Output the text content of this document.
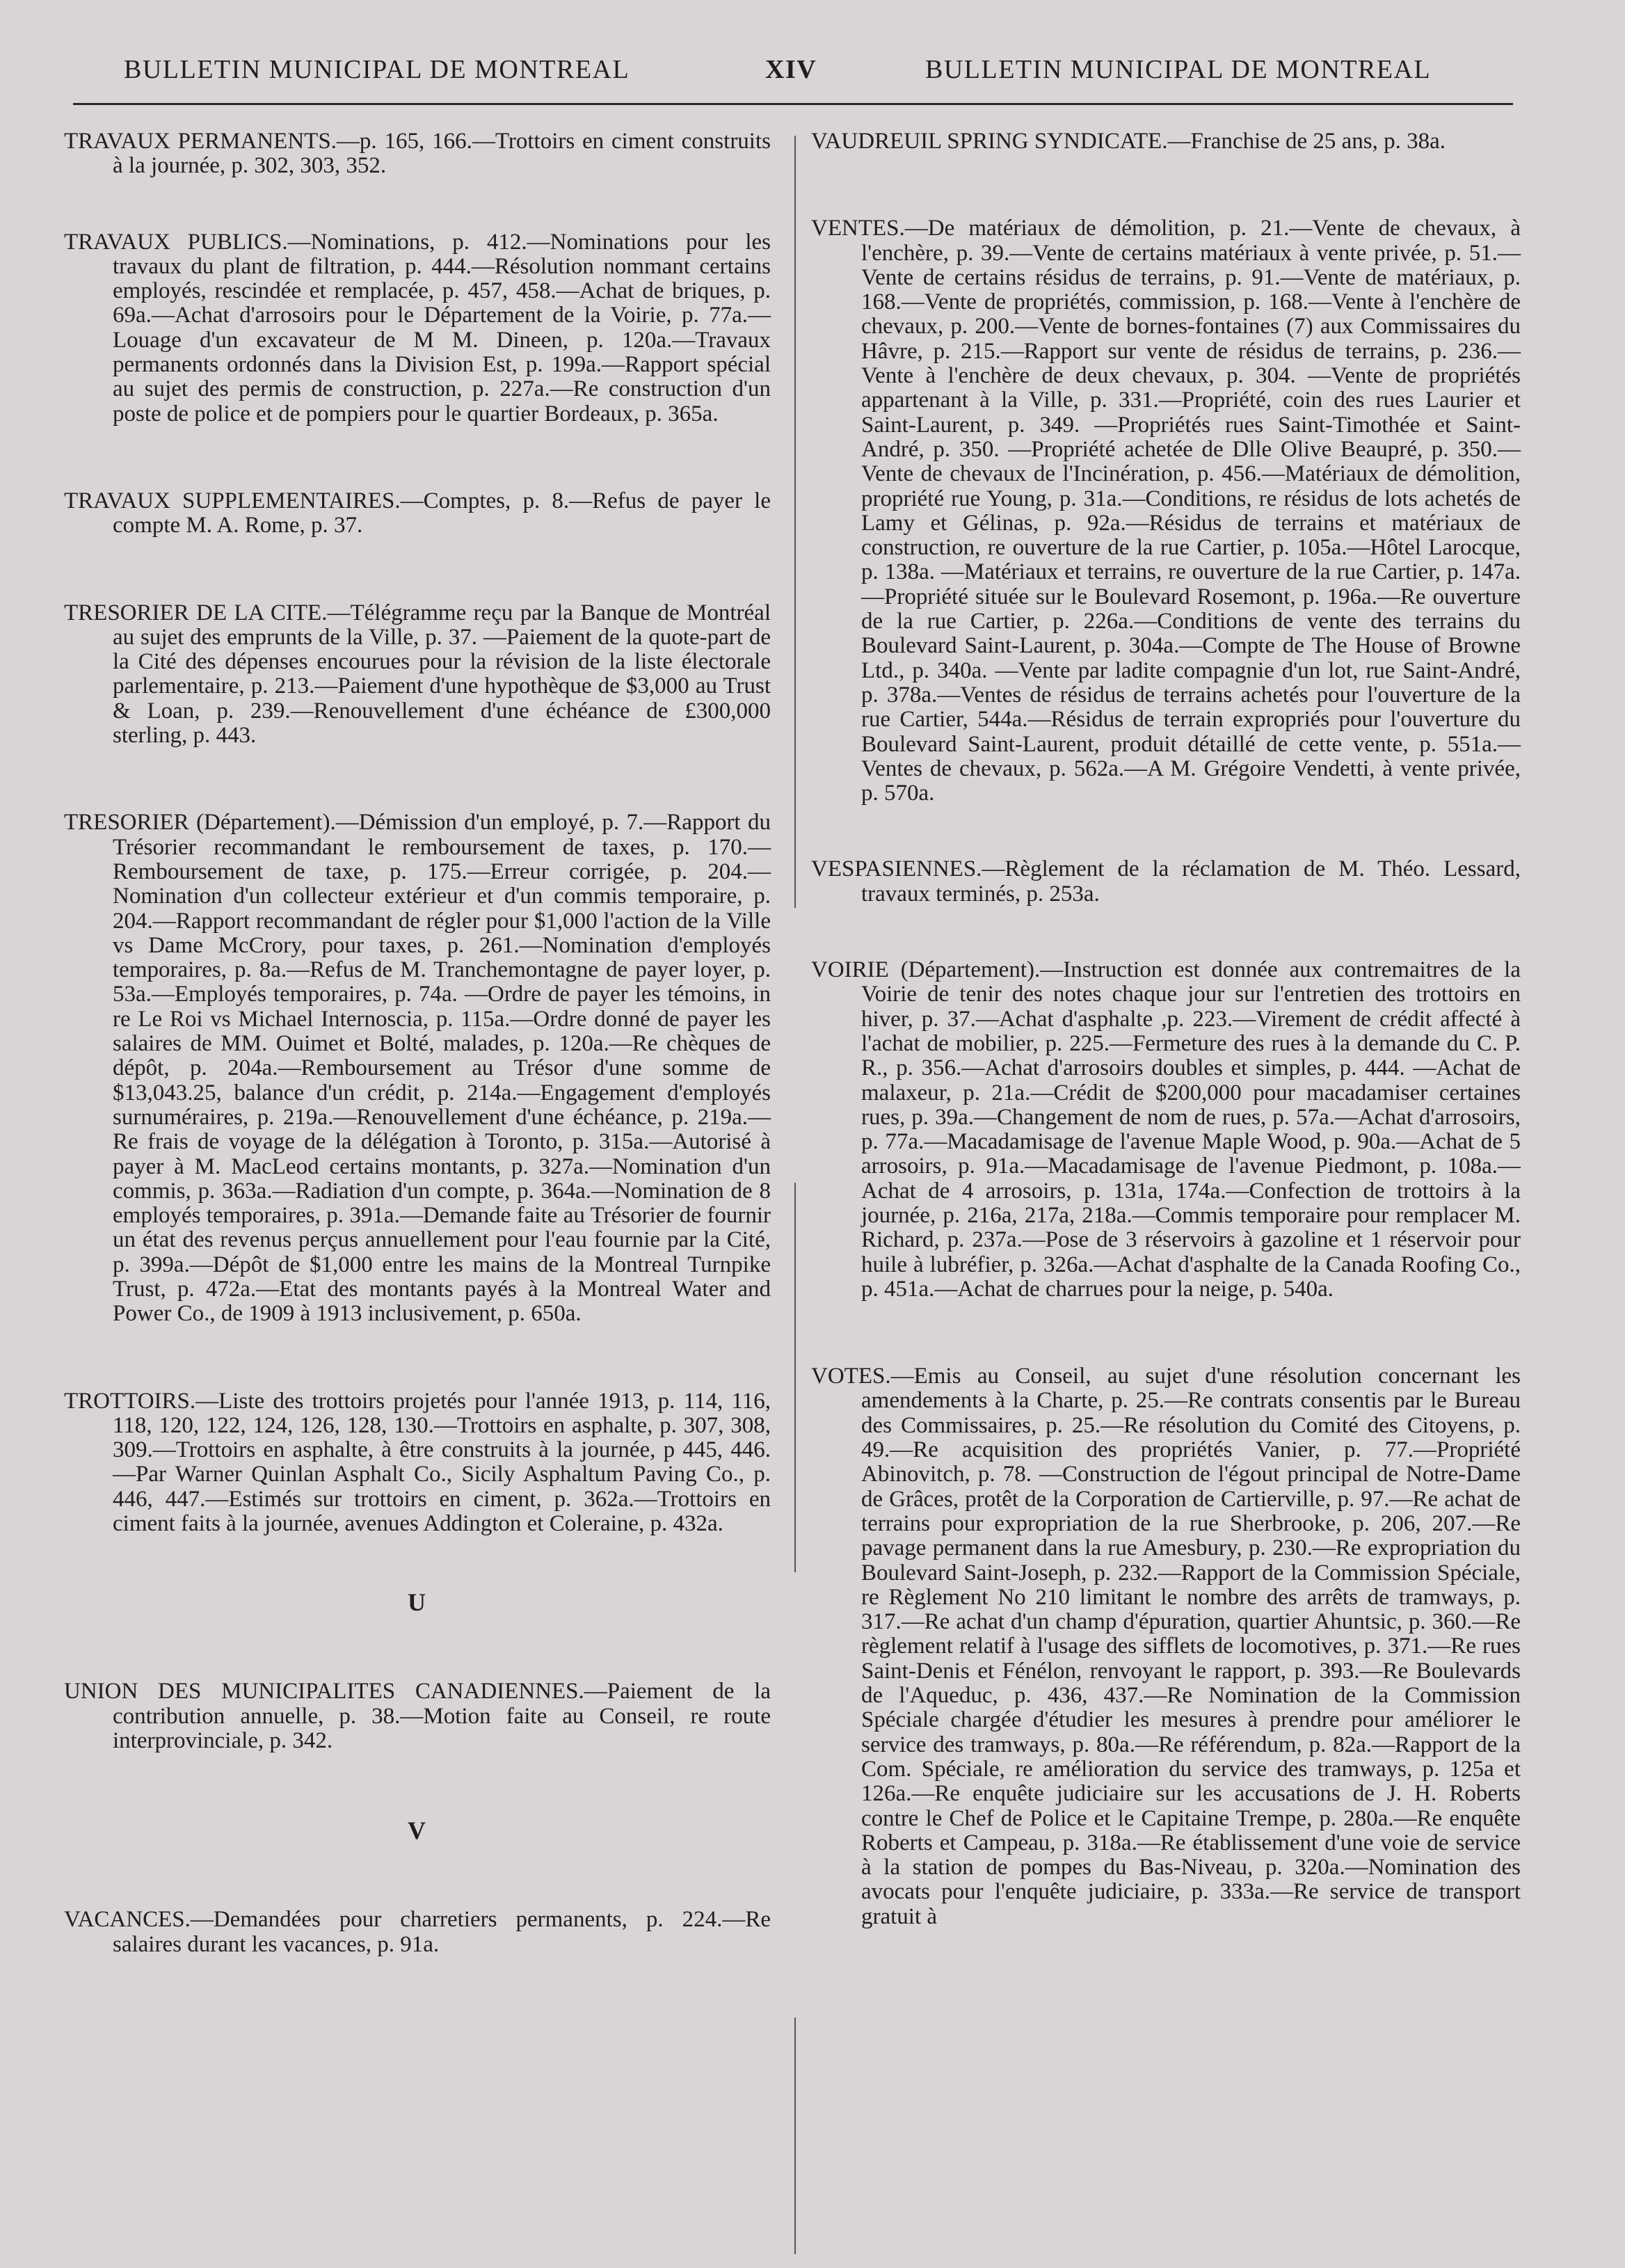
BULLETIN MUNICIPAL DE MONTREAL	XIV	BULLETIN MUNICIPAL DE MONTREAL

TRAVAUX PERMANENTS.—p. 165, 166.—Trottoirs en ciment construits à la journée, p. 302, 303, 352.

TRAVAUX PUBLICS.—Nominations, p. 412.—Nominations pour les travaux du plant de filtration, p. 444.—Résolution nommant certains employés, rescindée et remplacée, p. 457, 458.—Achat de briques, p. 69a.—Achat d'arrosoirs pour le Département de la Voirie, p. 77a.—Louage d'un excavateur de M M. Dineen, p. 120a.—Travaux permanents ordonnés dans la Division Est, p. 199a.—Rapport spécial au sujet des permis de construction, p. 227a.—Re construction d'un poste de police et de pompiers pour le quartier Bordeaux, p. 365a.

TRAVAUX SUPPLEMENTAIRES.—Comptes, p. 8.—Refus de payer le compte M. A. Rome, p. 37.

TRESORIER DE LA CITE.—Télégramme reçu par la Banque de Montréal au sujet des emprunts de la Ville, p. 37. —Paiement de la quote-part de la Cité des dépenses encourues pour la révision de la liste électorale parlementaire, p. 213.—Paiement d'une hypothèque de $3,000 au Trust & Loan, p. 239.—Renouvellement d'une échéance de £300,000 sterling, p. 443.

TRESORIER (Département).—Démission d'un employé, p. 7.—Rapport du Trésorier recommandant le remboursement de taxes, p. 170.—Remboursement de taxe, p. 175.—Erreur corrigée, p. 204.—Nomination d'un collecteur extérieur et d'un commis temporaire, p. 204.—Rapport recommandant de régler pour $1,000 l'action de la Ville vs Dame McCrory, pour taxes, p. 261.—Nomination d'employés temporaires, p. 8a.—Refus de M. Tranchemontagne de payer loyer, p. 53a.—Employés temporaires, p. 74a. —Ordre de payer les témoins, in re Le Roi vs Michael Internoscia, p. 115a.—Ordre donné de payer les salaires de MM. Ouimet et Bolté, malades, p. 120a.—Re chèques de dépôt, p. 204a.—Remboursement au Trésor d'une somme de $13,043.25, balance d'un crédit, p. 214a.—Engagement d'employés surnuméraires, p. 219a.—Renouvellement d'une échéance, p. 219a.—Re frais de voyage de la délégation à Toronto, p. 315a.—Autorisé à payer à M. MacLeod certains montants, p. 327a.—Nomination d'un commis, p. 363a.—Radiation d'un compte, p. 364a.—Nomination de 8 employés temporaires, p. 391a.—Demande faite au Trésorier de fournir un état des revenus perçus annuellement pour l'eau fournie par la Cité, p. 399a.—Dépôt de $1,000 entre les mains de la Montreal Turnpike Trust, p. 472a.—Etat des montants payés à la Montreal Water and Power Co., de 1909 à 1913 inclusivement, p. 650a.

TROTTOIRS.—Liste des trottoirs projetés pour l'année 1913, p. 114, 116, 118, 120, 122, 124, 126, 128, 130.—Trottoirs en asphalte, p. 307, 308, 309.—Trottoirs en asphalte, à être construits à la journée, p 445, 446.—Par Warner Quinlan Asphalt Co., Sicily Asphaltum Paving Co., p. 446, 447.—Estimés sur trottoirs en ciment, p. 362a.—Trottoirs en ciment faits à la journée, avenues Addington et Coleraine, p. 432a.

U

UNION DES MUNICIPALITES CANADIENNES.—Paiement de la contribution annuelle, p. 38.—Motion faite au Conseil, re route interprovinciale, p. 342.

V

VACANCES.—Demandées pour charretiers permanents, p. 224.—Re salaires durant les vacances, p. 91a.

VAUDREUIL SPRING SYNDICATE.—Franchise de 25 ans, p. 38a.

VENTES.—De matériaux de démolition, p. 21.—Vente de chevaux, à l'enchère, p. 39.—Vente de certains matériaux à vente privée, p. 51.—Vente de certains résidus de terrains, p. 91.—Vente de matériaux, p. 168.—Vente de propriétés, commission, p. 168.—Vente à l'enchère de chevaux, p. 200.—Vente de bornes-fontaines (7) aux Commissaires du Hâvre, p. 215.—Rapport sur vente de résidus de terrains, p. 236.—Vente à l'enchère de deux chevaux, p. 304. —Vente de propriétés appartenant à la Ville, p. 331.—Propriété, coin des rues Laurier et Saint-Laurent, p. 349. —Propriétés rues Saint-Timothée et Saint-André, p. 350. —Propriété achetée de Dlle Olive Beaupré, p. 350.—Vente de chevaux de l'Incinération, p. 456.—Matériaux de démolition, propriété rue Young, p. 31a.—Conditions, re résidus de lots achetés de Lamy et Gélinas, p. 92a.—Résidus de terrains et matériaux de construction, re ouverture de la rue Cartier, p. 105a.—Hôtel Larocque, p. 138a. —Matériaux et terrains, re ouverture de la rue Cartier, p. 147a.—Propriété située sur le Boulevard Rosemont, p. 196a.—Re ouverture de la rue Cartier, p. 226a.—Conditions de vente des terrains du Boulevard Saint-Laurent, p. 304a.—Compte de The House of Browne Ltd., p. 340a. —Vente par ladite compagnie d'un lot, rue Saint-André, p. 378a.—Ventes de résidus de terrains achetés pour l'ouverture de la rue Cartier, 544a.—Résidus de terrain expropriés pour l'ouverture du Boulevard Saint-Laurent, produit détaillé de cette vente, p. 551a.—Ventes de chevaux, p. 562a.—A M. Grégoire Vendetti, à vente privée, p. 570a.

VESPASIENNES.—Règlement de la réclamation de M. Théo. Lessard, travaux terminés, p. 253a.

VOIRIE (Département).—Instruction est donnée aux contremaitres de la Voirie de tenir des notes chaque jour sur l'entretien des trottoirs en hiver, p. 37.—Achat d'asphalte ,p. 223.—Virement de crédit affecté à l'achat de mobilier, p. 225.—Fermeture des rues à la demande du C. P. R., p. 356.—Achat d'arrosoirs doubles et simples, p. 444. —Achat de malaxeur, p. 21a.—Crédit de $200,000 pour macadamiser certaines rues, p. 39a.—Changement de nom de rues, p. 57a.—Achat d'arrosoirs, p. 77a.—Macadamisage de l'avenue Maple Wood, p. 90a.—Achat de 5 arrosoirs, p. 91a.—Macadamisage de l'avenue Piedmont, p. 108a.—Achat de 4 arrosoirs, p. 131a, 174a.—Confection de trottoirs à la journée, p. 216a, 217a, 218a.—Commis temporaire pour remplacer M. Richard, p. 237a.—Pose de 3 réservoirs à gazoline et 1 réservoir pour huile à lubréfier, p. 326a.—Achat d'asphalte de la Canada Roofing Co., p. 451a.—Achat de charrues pour la neige, p. 540a.

VOTES.—Emis au Conseil, au sujet d'une résolution concernant les amendements à la Charte, p. 25.—Re contrats consentis par le Bureau des Commissaires, p. 25.—Re résolution du Comité des Citoyens, p. 49.—Re acquisition des propriétés Vanier, p. 77.—Propriété Abinovitch, p. 78. —Construction de l'égout principal de Notre-Dame de Grâces, protêt de la Corporation de Cartierville, p. 97.—Re achat de terrains pour expropriation de la rue Sherbrooke, p. 206, 207.—Re pavage permanent dans la rue Amesbury, p. 230.—Re expropriation du Boulevard Saint-Joseph, p. 232.—Rapport de la Commission Spéciale, re Règlement No 210 limitant le nombre des arrêts de tramways, p. 317.—Re achat d'un champ d'épuration, quartier Ahuntsic, p. 360.—Re règlement relatif à l'usage des sifflets de locomotives, p. 371.—Re rues Saint-Denis et Fénélon, renvoyant le rapport, p. 393.—Re Boulevards de l'Aqueduc, p. 436, 437.—Re Nomination de la Commission Spéciale chargée d'étudier les mesures à prendre pour améliorer le service des tramways, p. 80a.—Re référendum, p. 82a.—Rapport de la Com. Spéciale, re amélioration du service des tramways, p. 125a et 126a.—Re enquête judiciaire sur les accusations de J. H. Roberts contre le Chef de Police et le Capitaine Trempe, p. 280a.—Re enquête Roberts et Campeau, p. 318a.—Re établissement d'une voie de service à la station de pompes du Bas-Niveau, p. 320a.—Nomination des avocats pour l'enquête judiciaire, p. 333a.—Re service de transport gratuit à
